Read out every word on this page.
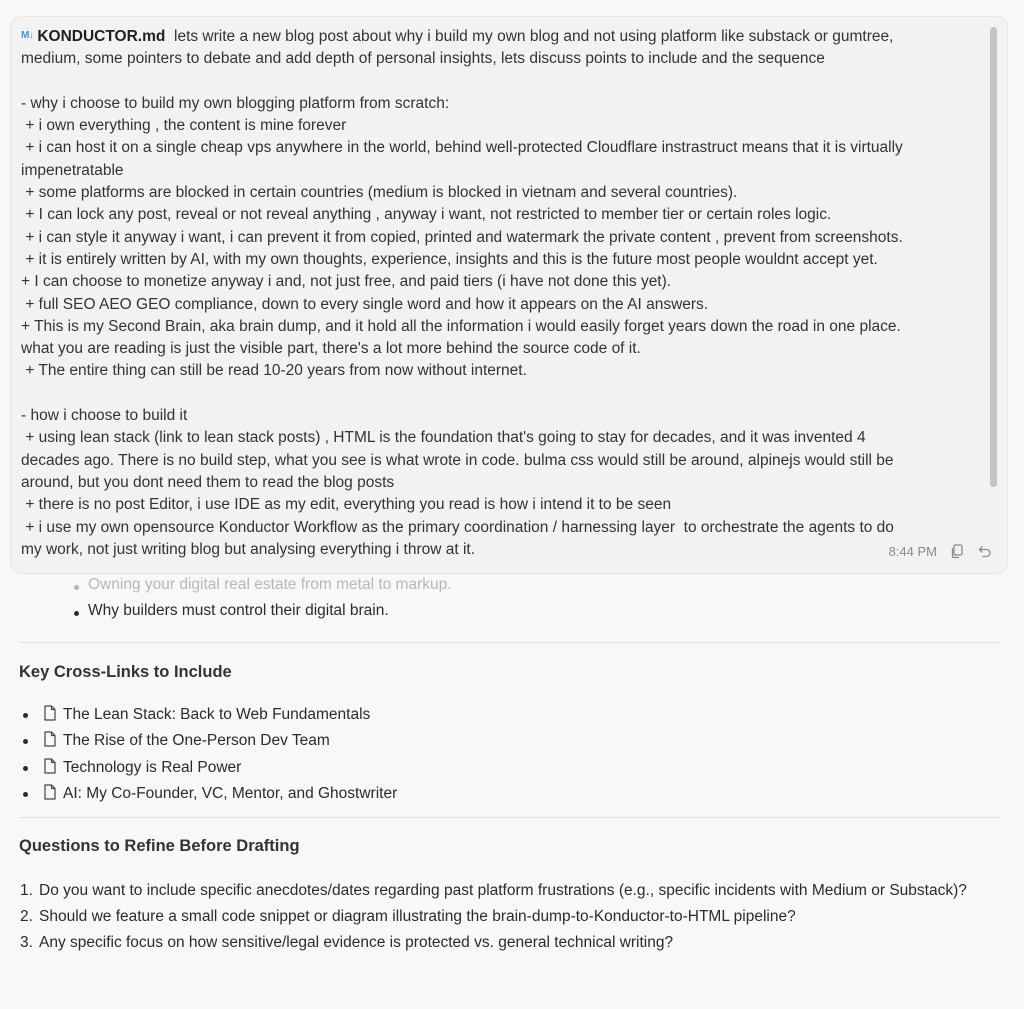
M↓ KONDUCTOR.md lets write a new blog post about why i build my own blog and not using platform like substack or gumtree,
medium, some pointers to debate and add depth of personal insights, lets discuss points to include and the sequence
- why i choose to build my own blogging platform from scratch:
+ i own everything , the content is mine forever
+ i can host it on a single cheap vps anywhere in the world, behind well-protected Cloudflare instrastruct means that it is virtually
impenetratable
+ some platforms are blocked in certain countries (medium is blocked in vietnam and several countries).
+ I can lock any post, reveal or not reveal anything , anyway i want, not restricted to member tier or certain roles logic.
+ i can style it anyway i want, i can prevent it from copied, printed and watermark the private content , prevent from screenshots.
+ it is entirely written by AI, with my own thoughts, experience, insights and this is the future most people wouldnt accept yet.
+ I can choose to monetize anyway i and, not just free, and paid tiers (i have not done this yet).
+ full SEO AEO GEO compliance, down to every single word and how it appears on the AI answers.
+ This is my Second Brain, aka brain dump, and it hold all the information i would easily forget years down the road in one place.
what you are reading is just the visible part, there's a lot more behind the source code of it.
+ The entire thing can still be read 10-20 years from now without internet.
- how i choose to build it
+ using lean stack (link to lean stack posts) , HTML is the foundation that's going to stay for decades, and it was invented 4
decades ago. There is no build step, what you see is what wrote in code. bulma css would still be around, alpinejs would still be
around, but you dont need them to read the blog posts
+ there is no post Editor, i use IDE as my edit, everything you read is how i intend it to be seen
+ i use my own opensource Konductor Workflow as the primary coordination / harnessing layer  to orchestrate the agents to do
my work, not just writing blog but analysing everything i throw at it.	8:44 PM
Owning your digital real estate from metal to markup.
Why builders must control their digital brain.
Key Cross-Links to Include
The Lean Stack: Back to Web Fundamentals
The Rise of the One-Person Dev Team
Technology is Real Power
AI: My Co-Founder, VC, Mentor, and Ghostwriter
Questions to Refine Before Drafting
1. Do you want to include specific anecdotes/dates regarding past platform frustrations (e.g., specific incidents with Medium or Substack)?
2. Should we feature a small code snippet or diagram illustrating the brain-dump-to-Konductor-to-HTML pipeline?
3. Any specific focus on how sensitive/legal evidence is protected vs. general technical writing?
